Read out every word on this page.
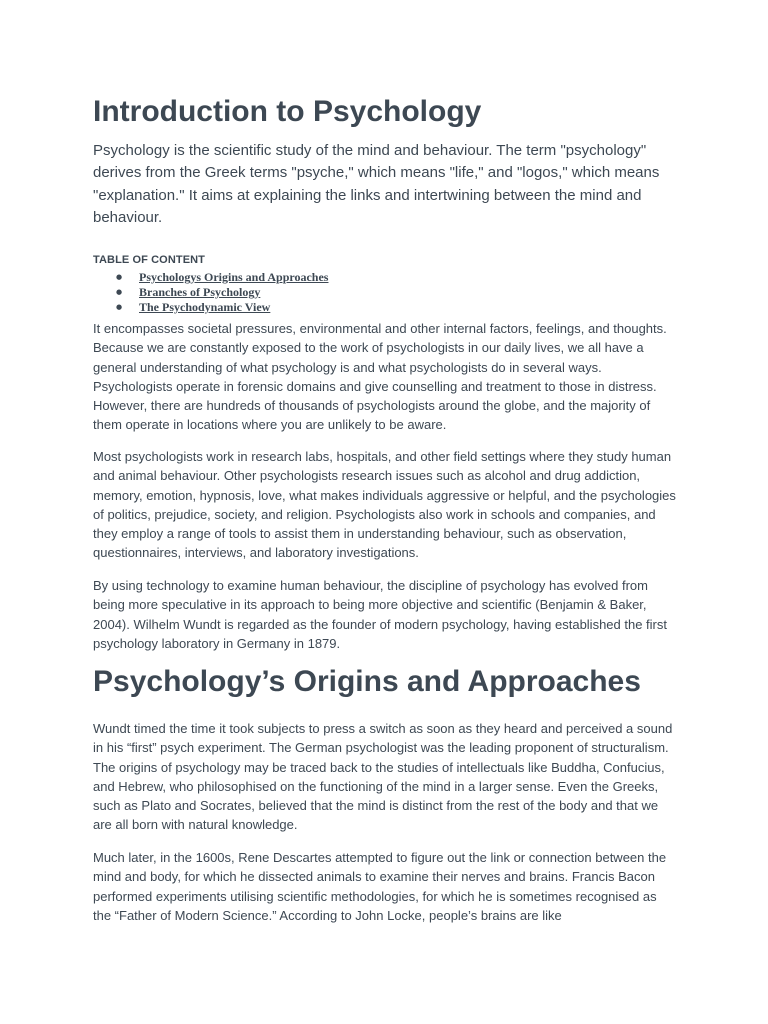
Introduction to Psychology

Psychology is the scientific study of the mind and behaviour. The term "psychology" derives from the Greek terms "psyche," which means "life," and "logos," which means "explanation." It aims at explaining the links and intertwining between the mind and behaviour.

TABLE OF CONTENT
● Psychologys Origins and Approaches
● Branches of Psychology
● The Psychodynamic View

It encompasses societal pressures, environmental and other internal factors, feelings, and thoughts. Because we are constantly exposed to the work of psychologists in our daily lives, we all have a general understanding of what psychology is and what psychologists do in several ways. Psychologists operate in forensic domains and give counselling and treatment to those in distress. However, there are hundreds of thousands of psychologists around the globe, and the majority of them operate in locations where you are unlikely to be aware.

Most psychologists work in research labs, hospitals, and other field settings where they study human and animal behaviour. Other psychologists research issues such as alcohol and drug addiction, memory, emotion, hypnosis, love, what makes individuals aggressive or helpful, and the psychologies of politics, prejudice, society, and religion. Psychologists also work in schools and companies, and they employ a range of tools to assist them in understanding behaviour, such as observation, questionnaires, interviews, and laboratory investigations.

By using technology to examine human behaviour, the discipline of psychology has evolved from being more speculative in its approach to being more objective and scientific (Benjamin & Baker, 2004). Wilhelm Wundt is regarded as the founder of modern psychology, having established the first psychology laboratory in Germany in 1879.

Psychology’s Origins and Approaches

Wundt timed the time it took subjects to press a switch as soon as they heard and perceived a sound in his “first” psych experiment. The German psychologist was the leading proponent of structuralism. The origins of psychology may be traced back to the studies of intellectuals like Buddha, Confucius, and Hebrew, who philosophised on the functioning of the mind in a larger sense. Even the Greeks, such as Plato and Socrates, believed that the mind is distinct from the rest of the body and that we are all born with natural knowledge.

Much later, in the 1600s, Rene Descartes attempted to figure out the link or connection between the mind and body, for which he dissected animals to examine their nerves and brains. Francis Bacon performed experiments utilising scientific methodologies, for which he is sometimes recognised as the “Father of Modern Science.” According to John Locke, people’s brains are like
